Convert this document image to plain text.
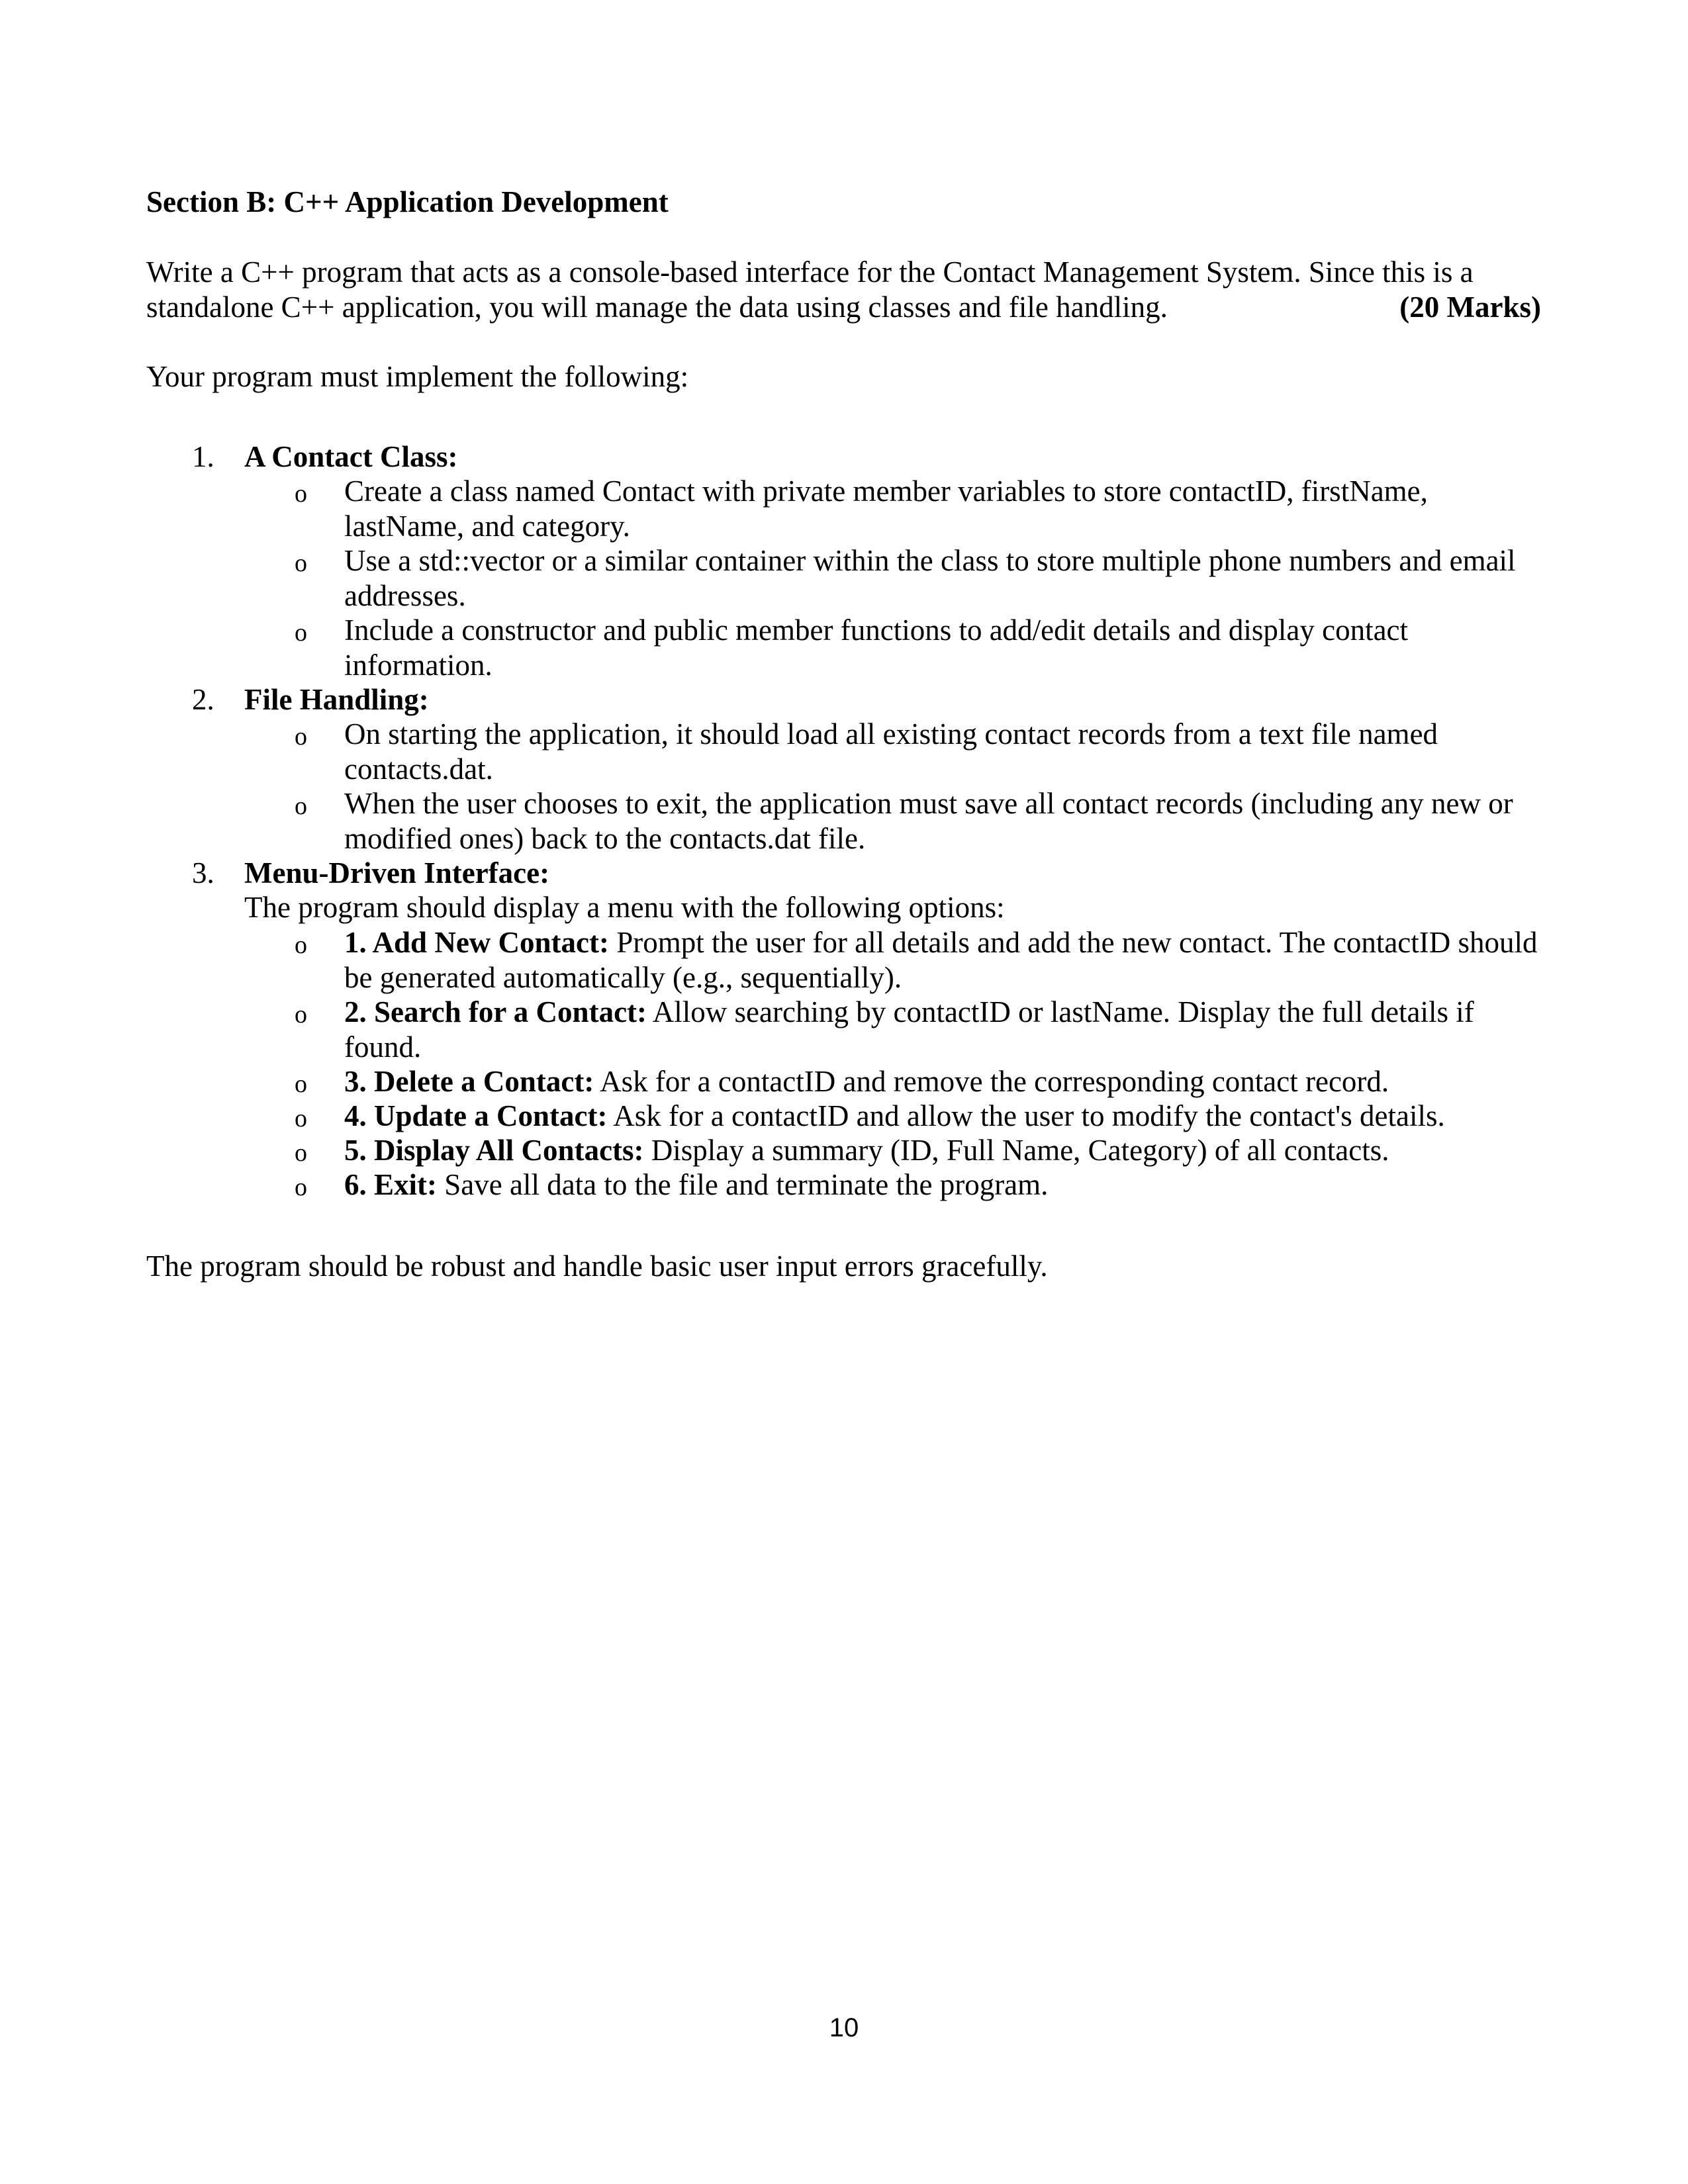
Section B: C++ Application Development
Write a C++ program that acts as a console-based interface for the Contact Management System. Since this is a
standalone C++ application, you will manage the data using classes and file handling.	(20 Marks)
Your program must implement the following:
1. A Contact Class:
o Create a class named Contact with private member variables to store contactID, firstName, lastName, and category.
o Use a std::vector or a similar container within the class to store multiple phone numbers and email addresses.
o Include a constructor and public member functions to add/edit details and display contact information.
2. File Handling:
o On starting the application, it should load all existing contact records from a text file named contacts.dat.
o When the user chooses to exit, the application must save all contact records (including any new or modified ones) back to the contacts.dat file.
3. Menu-Driven Interface:
The program should display a menu with the following options:
o 1. Add New Contact: Prompt the user for all details and add the new contact. The contactID should be generated automatically (e.g., sequentially).
o 2. Search for a Contact: Allow searching by contactID or lastName. Display the full details if found.
o 3. Delete a Contact: Ask for a contactID and remove the corresponding contact record.
o 4. Update a Contact: Ask for a contactID and allow the user to modify the contact's details.
o 5. Display All Contacts: Display a summary (ID, Full Name, Category) of all contacts.
o 6. Exit: Save all data to the file and terminate the program.
The program should be robust and handle basic user input errors gracefully.
10
